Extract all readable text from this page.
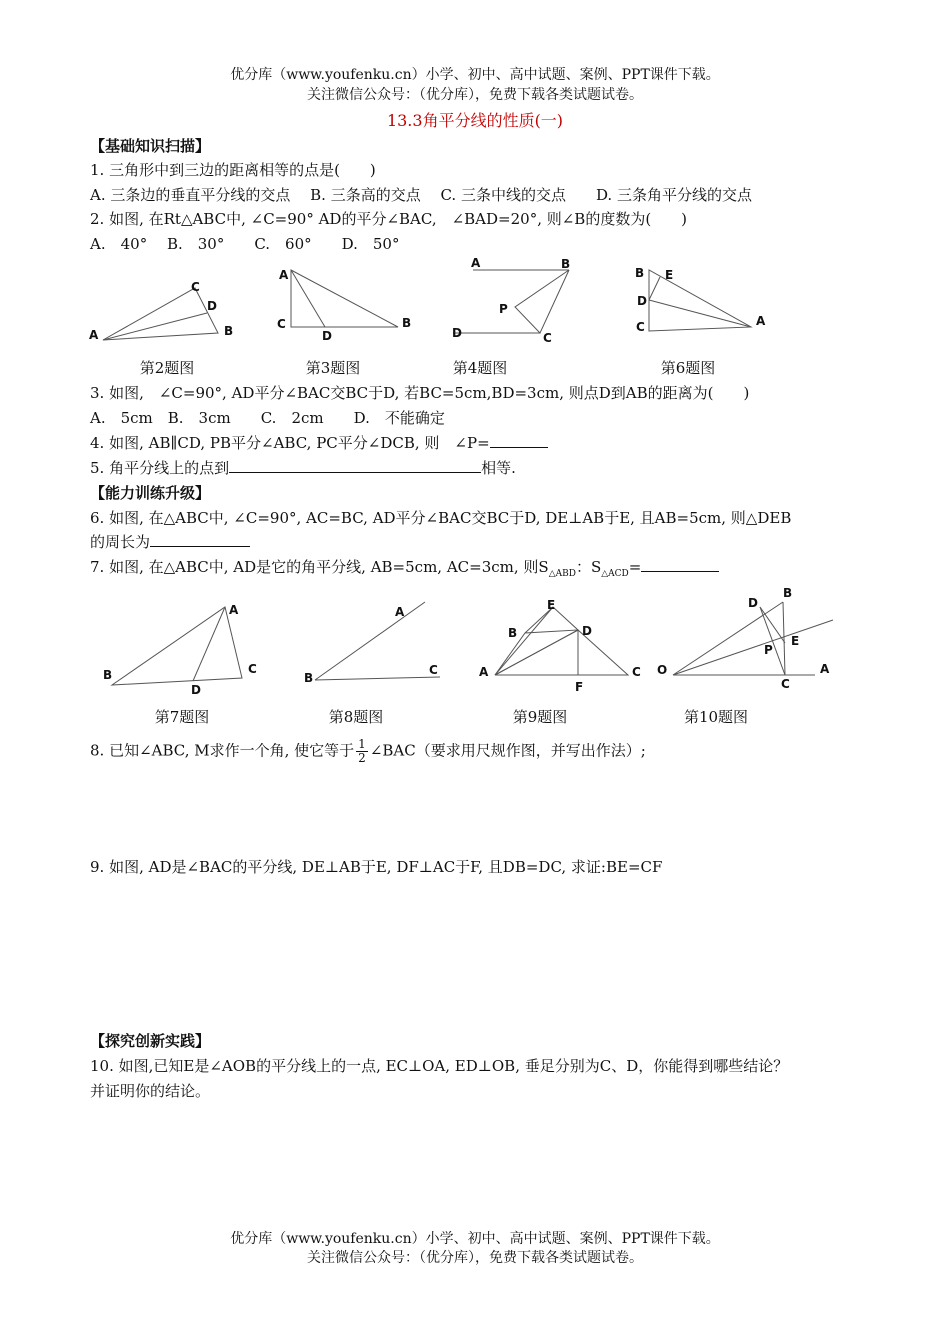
优分库（www.youfenku.cn）小学、初中、高中试题、案例、PPT课件下载。
关注微信公众号：（优分库），免费下载各类试题试卷。
13.3角平分线的性质(一)
【基础知识扫描】
1. 三角形中到三边的距离相等的点是(　　)
A. 三条边的垂直平分线的交点　 B. 三条高的交点　 C. 三条中线的交点　　D. 三条角平分线的交点
2. 如图, 在Rt△ABC中, ∠C=90° AD的平分∠BAC,　∠BAD=20°, 则∠B的度数为(　　)
A.　40°　 B.　30°　　C.　60°　　D.　50°
A	B
C
D
A
B
C
D
A	B
C
D
P
B E
D
C	A
第2题图	第3题图	第4题图	第6题图
3. 如图,　∠C=90°, AD平分∠BAC交BC于D, 若BC=5cm,BD=3cm, 则点D到AB的距离为(　　)
A.　5cm　B.　3cm　　C.　2cm　　D.　不能确定
4. 如图, AB∥CD, PB平分∠ABC, PC平分∠DCB, 则　∠P=
5. 角平分线上的点到	相等.
【能力训练升级】
6. 如图, 在△ABC中, ∠C=90°, AC=BC, AD平分∠BAC交BC于D, DE⊥AB于E, 且AB=5cm, 则△DEB
的周长为
7. 如图, 在△ABC中, AD是它的角平分线, AB=5cm, AC=3cm, 则$S_{\triangle ABD}$：$S_{\triangle ACD}=$
A
B	C
D
A
B
C
E
B	D
A	C
F
D
B
E
P
O	A
C
第7题图	第8题图	第9题图	第10题图
8. 已知∠ABC, M求作一个角, 使它等于 $\frac{1}{2}$ ∠BAC（要求用尺规作图，并写出作法）;
9. 如图, AD是∠BAC的平分线, DE⊥AB于E, DF⊥AC于F, 且DB=DC, 求证:BE=CF
【探究创新实践】
10. 如图,已知E是∠AOB的平分线上的一点, EC⊥OA, ED⊥OB, 垂足分别为C、D，你能得到哪些结论？
并证明你的结论。
优分库（www.youfenku.cn）小学、初中、高中试题、案例、PPT课件下载。
关注微信公众号：（优分库），免费下载各类试题试卷。
